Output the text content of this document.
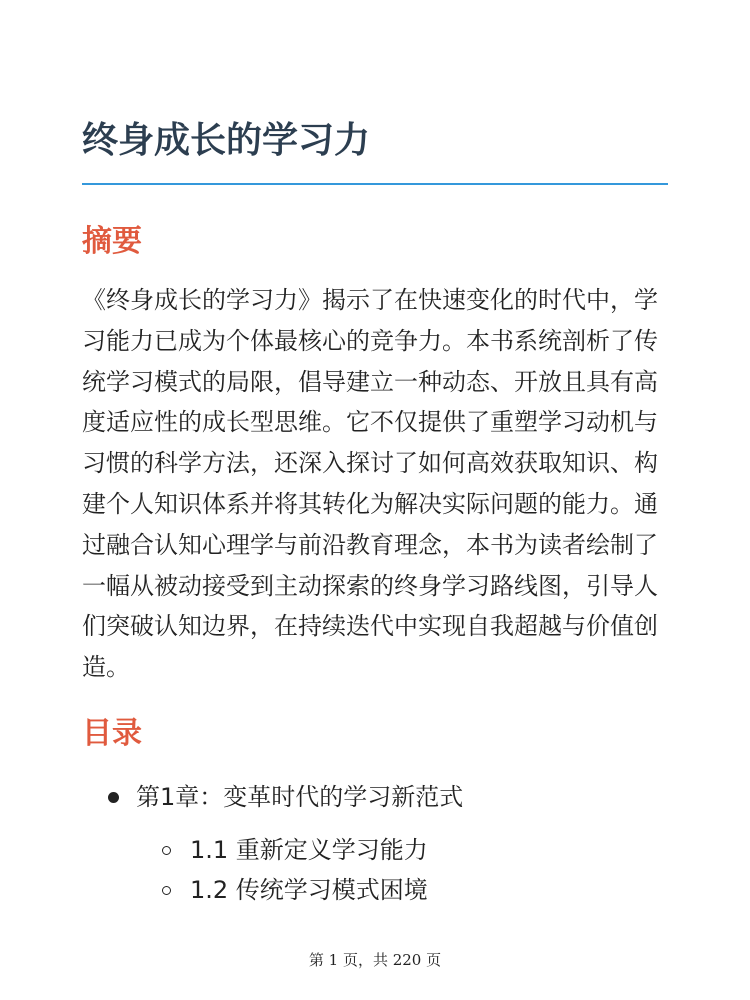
终身成长的学习力
摘要

《终身成长的学习力》揭示了在快速变化的时代中，学习能力已成为个体最核心的竞争力。本书系统剖析了传统学习模式的局限，倡导建立一种动态、开放且具有高度适应性的成长型思维。它不仅提供了重塑学习动机与习惯的科学方法，还深入探讨了如何高效获取知识、构建个人知识体系并将其转化为解决实际问题的能力。通过融合认知心理学与前沿教育理念，本书为读者绘制了一幅从被动接受到主动探索的终身学习路线图，引导人们突破认知边界，在持续迭代中实现自我超越与价值创造。

目录
第1章：变革时代的学习新范式
1.1 重新定义学习能力
1.2 传统学习模式困境
第 1 页，共 220 页
